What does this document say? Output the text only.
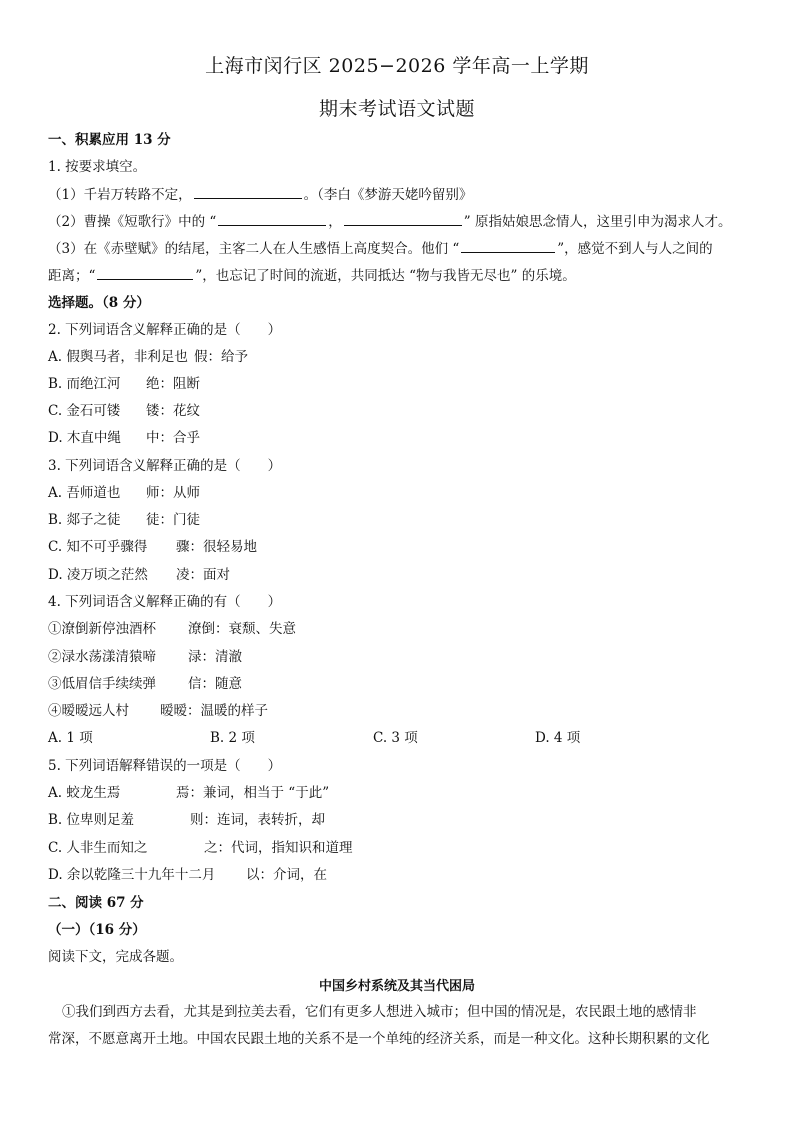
上海市闵行区 2025−2026 学年高一上学期
期末考试语文试题
一、积累应用 13 分
1. 按要求填空。
（1）千岩万转路不定，	。（李白《梦游天姥吟留别》
（2）曹操《短歌行》中的 “	，	” 原指姑娘思念情人，这里引申为渴求人才。
（3）在《赤壁赋》的结尾，主客二人在人生感悟上高度契合。他们 “	”，感觉不到人与人之间的
距离；“	”，也忘记了时间的流逝，共同抵达 “物与我皆无尽也” 的乐境。
选择题。（8 分）
2. 下列词语含义解释正确的是（　　）
A. 假舆马者，非利足也 假：给予
B. 而绝江河 绝：阻断
C. 金石可镂 镂：花纹
D. 木直中绳 中：合乎
3. 下列词语含义解释正确的是（　　）
A. 吾师道也 师：从师
B. 郯子之徒 徒：门徒
C. 知不可乎骤得 骤：很轻易地
D. 凌万顷之茫然 凌：面对
4. 下列词语含义解释正确的有（　　）
①潦倒新停浊酒杯 潦倒：衰颓、失意
②渌水荡漾清猿啼 渌：清澈
③低眉信手续续弹 信：随意
④暧暧远人村 暧暧：温暖的样子
A. 1 项	B. 2 项	C. 3 项	D. 4 项
5. 下列词语解释错误的一项是（　　）
A. 蛟龙生焉	焉：兼词，相当于 “于此”
B. 位卑则足羞	则：连词，表转折，却
C. 人非生而知之	之：代词，指知识和道理
D. 余以乾隆三十九年十二月 以：介词，在
二、阅读 67 分
（一）（16 分）
阅读下文，完成各题。
中国乡村系统及其当代困局
①我们到西方去看，尤其是到拉美去看，它们有更多人想进入城市；但中国的情况是，农民跟土地的感情非
常深，不愿意离开土地。中国农民跟土地的关系不是一个单纯的经济关系，而是一种文化。这种长期积累的文化
